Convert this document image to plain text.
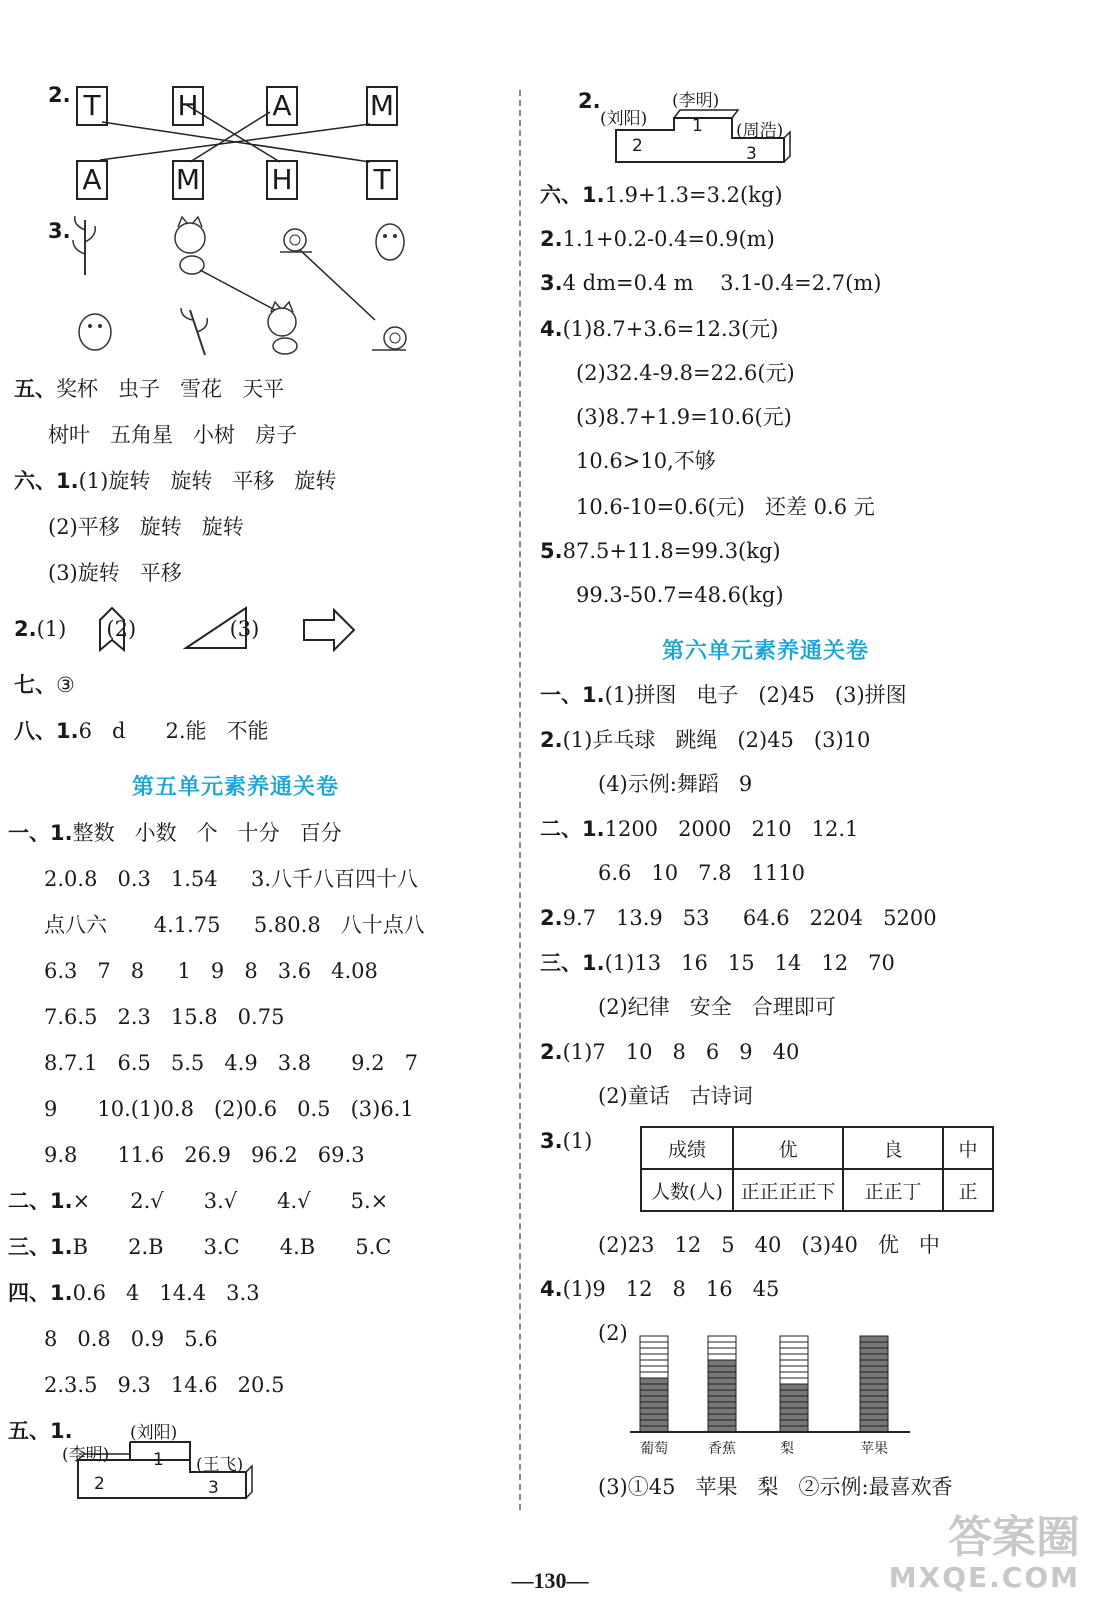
2. T	H	A	M
A	M	H	T
3.
五、奖杯   虫子   雪花   天平
树叶   五角星   小树   房子
六、1.(1)旋转   旋转   平移   旋转
(2)平移   旋转   旋转
(3)旋转   平移
2.(1)      (2)              (3)
七、③
八、1.6   d      2.能   不能
第五单元素养通关卷
一、1.整数   小数   个   十分   百分
2.0.8   0.3   1.54     3.八千八百四十八
点八六       4.1.75     5.80.8   八十点八
6.3   7   8     1   9   8   3.6   4.08
7.6.5   2.3   15.8   0.75
8.7.1   6.5   5.5   4.9   3.8      9.2   7
9      10.(1)0.8   (2)0.6   0.5   (3)6.1
9.8      11.6   26.9   96.2   69.3
二、1.×      2.√      3.√      4.√      5.×
三、1.B      2.B      3.C      4.B      5.C
四、1.0.6   4   14.4   3.3
8   0.8   0.9   5.6
2.3.5   9.3   14.6   20.5
五、1.	(刘阳)
(李明)	(王飞)
1
2	3
2.	(李明)
(刘阳)
(周浩)
1
2	3
六、1.1.9+1.3=3.2(kg)
2.1.1+0.2-0.4=0.9(m)
3.4 dm=0.4 m    3.1-0.4=2.7(m)
4.(1)8.7+3.6=12.3(元)
(2)32.4-9.8=22.6(元)
(3)8.7+1.9=10.6(元)
10.6>10,不够
10.6-10=0.6(元)   还差 0.6 元
5.87.5+11.8=99.3(kg)
99.3-50.7=48.6(kg)
第六单元素养通关卷
一、1.(1)拼图   电子   (2)45   (3)拼图
2.(1)乒乓球   跳绳   (2)45   (3)10
(4)示例:舞蹈   9
二、1.1200   2000   210   12.1
6.6   10   7.8   1110
2.9.7   13.9   53     64.6   2204   5200
三、1.(1)13   16   15   14   12   70
(2)纪律   安全   合理即可
2.(1)7   10   8   6   9   40
(2)童话   古诗词
3.(1)	成绩	优	良	中
人数(人)	正正正正下	正正丁	正
(2)23   12   5   40   (3)40   优   中
4.(1)9   12   8   16   45
(2)
葡萄	香蕉	梨	苹果
(3)①45   苹果   梨   ②示例:最喜欢香
—130—
答案圈
MXQE.COM
